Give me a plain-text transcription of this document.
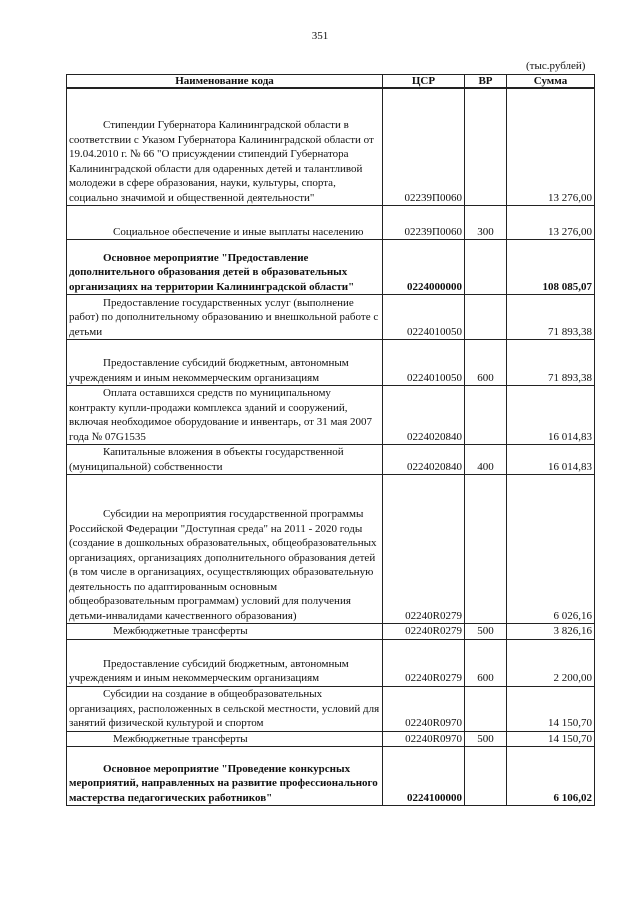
351
(тыс.рублей)
Наименование кода	ЦСР	ВР	Сумма
Стипендии Губернатора Калининградской области в соответствии с Указом Губернатора Калининградской области от 19.04.2010 г. № 66 "О присуждении стипендий Губернатора Калининградской области для одаренных детей и талантливой молодежи в сфере образования, науки, культуры, спорта, социально значимой и общественной деятельности"	02239П0060		13 276,00
Социальное обеспечение и иные выплаты населению	02239П0060	300	13 276,00
Основное мероприятие "Предоставление дополнительного образования детей в образовательных организациях на территории Калининградской области"	0224000000		108 085,07
Предоставление государственных услуг (выполнение работ) по дополнительному образованию и внешкольной работе с детьми	0224010050		71 893,38
Предоставление субсидий бюджетным, автономным учреждениям и иным некоммерческим организациям	0224010050	600	71 893,38
Оплата оставшихся средств по муниципальному контракту купли-продажи комплекса зданий и сооружений, включая необходимое оборудование и инвентарь, от 31 мая 2007 года № 07G1535	0224020840		16 014,83
Капитальные вложения в объекты государственной (муниципальной) собственности	0224020840	400	16 014,83
Субсидии на мероприятия государственной программы Российской Федерации "Доступная среда" на 2011 - 2020 годы (создание в дошкольных образовательных, общеобразовательных организациях, организациях дополнительного образования детей (в том числе в организациях, осуществляющих образовательную деятельность по адаптированным основным общеобразовательным программам) условий для получения детьми-инвалидами качественного образования)	02240R0279		6 026,16
Межбюджетные трансферты	02240R0279	500	3 826,16
Предоставление субсидий бюджетным, автономным учреждениям и иным некоммерческим организациям	02240R0279	600	2 200,00
Субсидии на создание в общеобразовательных организациях, расположенных в сельской местности, условий для занятий физической культурой и спортом	02240R0970		14 150,70
Межбюджетные трансферты	02240R0970	500	14 150,70
Основное мероприятие "Проведение конкурсных мероприятий, направленных на развитие профессионального мастерства педагогических работников"	0224100000		6 106,02
